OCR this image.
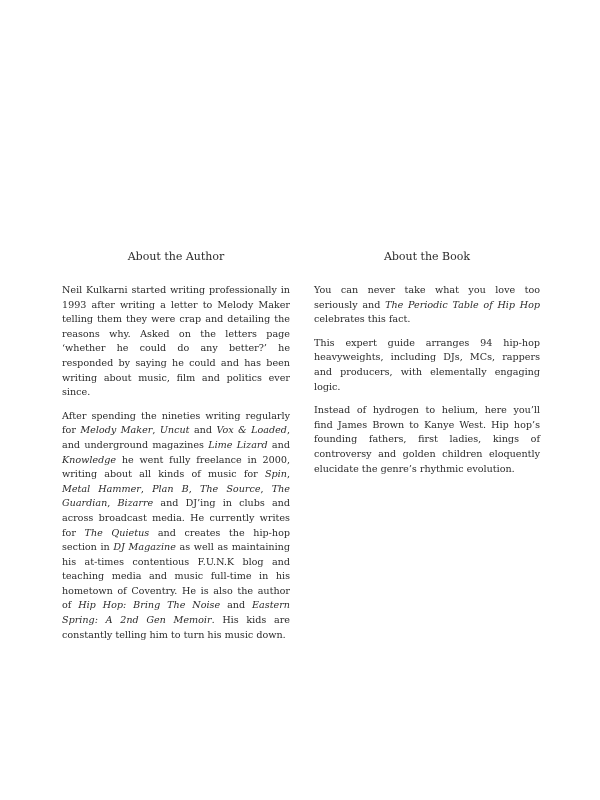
About the Author

Neil Kulkarni started writing professionally in 1993 after writing a letter to Melody Maker telling them they were crap and detailing the reasons why. Asked on the letters page ‘whether he could do any better?’ he responded by saying he could and has been writing about music, film and politics ever since.

After spending the nineties writing regularly for Melody Maker, Uncut and Vox & Loaded, and underground magazines Lime Lizard and Knowledge he went fully freelance in 2000, writing about all kinds of music for Spin, Metal Hammer, Plan B, The Source, The Guardian, Bizarre and DJ’ing in clubs and across broadcast media. He currently writes for The Quietus and creates the hip-hop section in DJ Magazine as well as maintaining his at-times contentious F.U.N.K blog and teaching media and music full-time in his hometown of Coventry. He is also the author of Hip Hop: Bring The Noise and Eastern Spring: A 2nd Gen Memoir. His kids are constantly telling him to turn his music down.

About the Book

You can never take what you love too seriously and The Periodic Table of Hip Hop celebrates this fact.

This expert guide arranges 94 hip-hop heavyweights, including DJs, MCs, rappers and producers, with elementally engaging logic.

Instead of hydrogen to helium, here you’ll find James Brown to Kanye West. Hip hop’s founding fathers, first ladies, kings of controversy and golden children eloquently elucidate the genre’s rhythmic evolution.
